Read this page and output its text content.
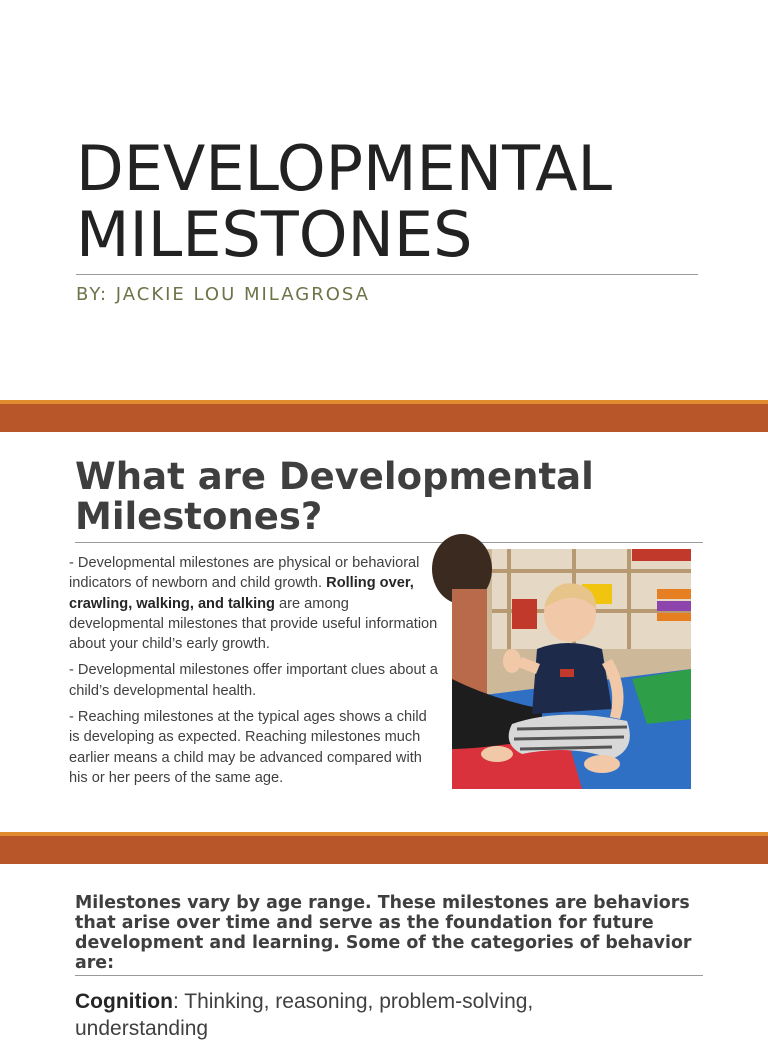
DEVELOPMENTAL
MILESTONES
BY: JACKIE LOU MILAGROSA
What are Developmental
Milestones?

- Developmental milestones are physical or behavioral indicators of newborn and child growth. Rolling over, crawling, walking, and talking are among developmental milestones that provide useful information about your child’s early growth.

- Developmental milestones offer important clues about a child’s developmental health.

- Reaching milestones at the typical ages shows a child is developing as expected. Reaching milestones much earlier means a child may be advanced compared with his or her peers of the same age.

Milestones vary by age range. These milestones are behaviors that arise over time and serve as the foundation for future development and learning. Some of the categories of behavior are:
Cognition: Thinking, reasoning, problem-solving, understanding
